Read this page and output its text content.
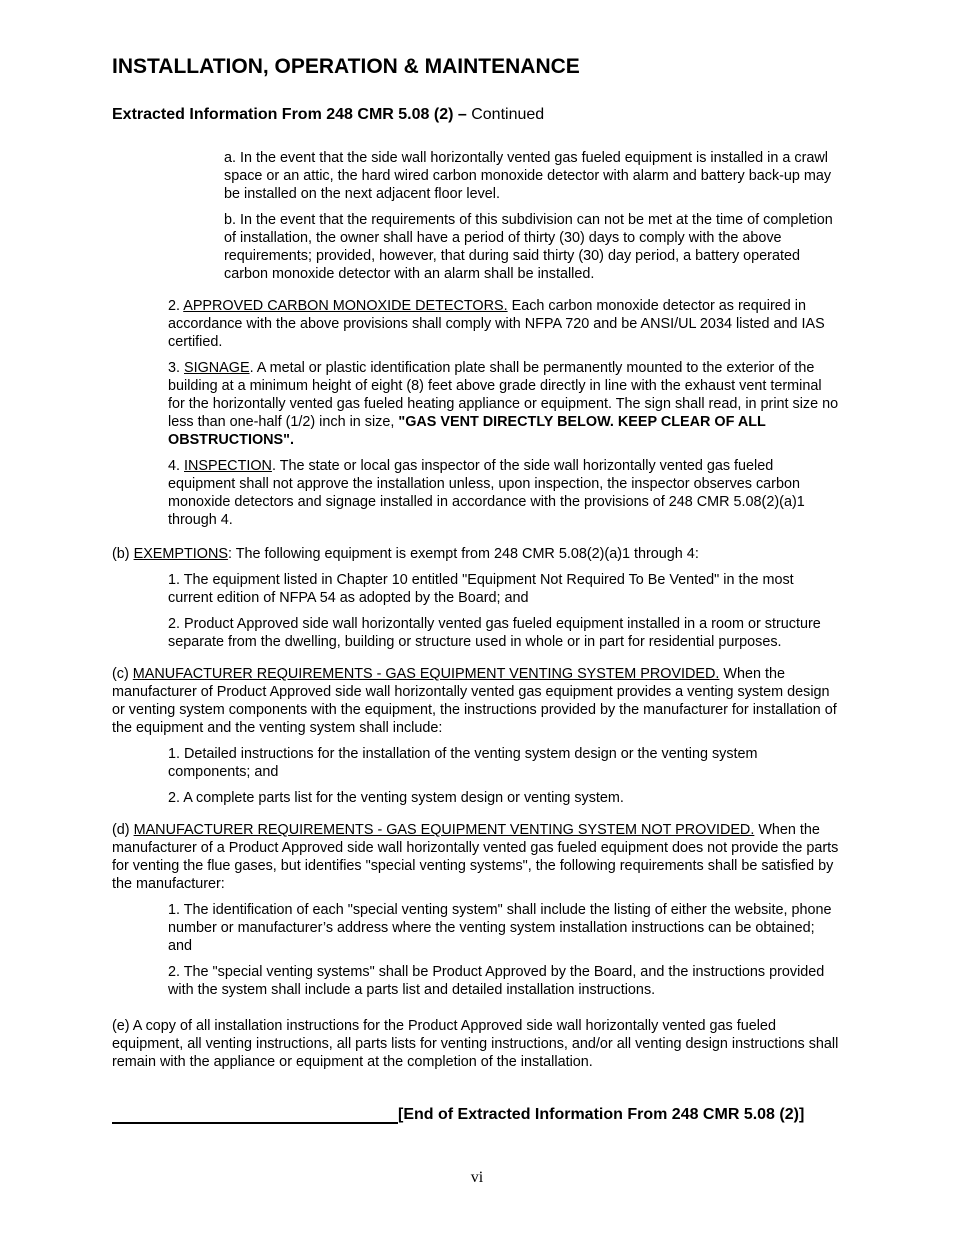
INSTALLATION, OPERATION & MAINTENANCE
Extracted Information From 248 CMR 5.08 (2) – Continued

a. In the event that the side wall horizontally vented gas fueled equipment is installed in a crawl space or an attic, the hard wired carbon monoxide detector with alarm and battery back-up may be installed on the next adjacent floor level.

b. In the event that the requirements of this subdivision can not be met at the time of completion of installation, the owner shall have a period of thirty (30) days to comply with the above requirements; provided, however, that during said thirty (30) day period, a battery operated carbon monoxide detector with an alarm shall be installed.

2. APPROVED CARBON MONOXIDE DETECTORS. Each carbon monoxide detector as required in accordance with the above provisions shall comply with NFPA 720 and be ANSI/UL 2034 listed and IAS certified.

3. SIGNAGE. A metal or plastic identification plate shall be permanently mounted to the exterior of the building at a minimum height of eight (8) feet above grade directly in line with the exhaust vent terminal for the horizontally vented gas fueled heating appliance or equipment. The sign shall read, in print size no less than one-half (1/2) inch in size, "GAS VENT DIRECTLY BELOW. KEEP CLEAR OF ALL OBSTRUCTIONS".

4. INSPECTION. The state or local gas inspector of the side wall horizontally vented gas fueled equipment shall not approve the installation unless, upon inspection, the inspector observes carbon monoxide detectors and signage installed in accordance with the provisions of 248 CMR 5.08(2)(a)1 through 4.

(b) EXEMPTIONS: The following equipment is exempt from 248 CMR 5.08(2)(a)1 through 4:

1. The equipment listed in Chapter 10 entitled "Equipment Not Required To Be Vented" in the most current edition of NFPA 54 as adopted by the Board; and

2. Product Approved side wall horizontally vented gas fueled equipment installed in a room or structure separate from the dwelling, building or structure used in whole or in part for residential purposes.

(c) MANUFACTURER REQUIREMENTS - GAS EQUIPMENT VENTING SYSTEM PROVIDED. When the manufacturer of Product Approved side wall horizontally vented gas equipment provides a venting system design or venting system components with the equipment, the instructions provided by the manufacturer for installation of the equipment and the venting system shall include:

1. Detailed instructions for the installation of the venting system design or the venting system components; and

2. A complete parts list for the venting system design or venting system.

(d) MANUFACTURER REQUIREMENTS - GAS EQUIPMENT VENTING SYSTEM NOT PROVIDED. When the manufacturer of a Product Approved side wall horizontally vented gas fueled equipment does not provide the parts for venting the flue gases, but identifies "special venting systems", the following requirements shall be satisfied by the manufacturer:

1. The identification of each "special venting system" shall include the listing of either the website, phone number or manufacturer’s address where the venting system installation instructions can be obtained; and

2. The "special venting systems" shall be Product Approved by the Board, and the instructions provided with the system shall include a parts list and detailed installation instructions.

(e) A copy of all installation instructions for the Product Approved side wall horizontally vented gas fueled equipment, all venting instructions, all parts lists for venting instructions, and/or all venting design instructions shall remain with the appliance or equipment at the completion of the installation.

[End of Extracted Information From 248 CMR 5.08 (2)]
vi
